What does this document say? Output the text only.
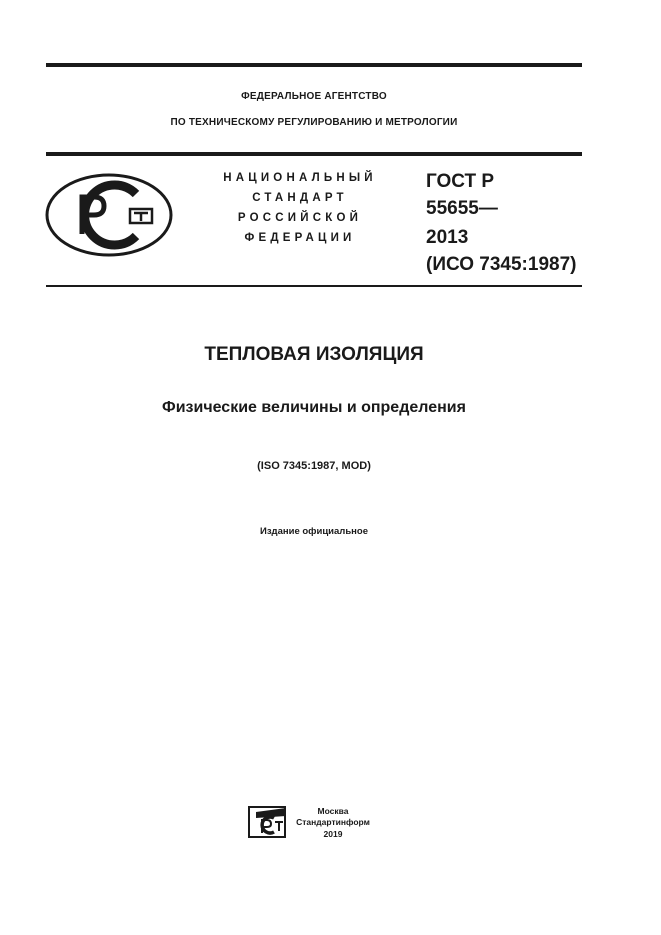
ФЕДЕРАЛЬНОЕ АГЕНТСТВО
ПО ТЕХНИЧЕСКОМУ РЕГУЛИРОВАНИЮ И МЕТРОЛОГИИ
НАЦИОНАЛЬНЫЙ
СТАНДАРТ
РОССИЙСКОЙ
ФЕДЕРАЦИИ
ГОСТ Р
55655—
2013
(ИСО 7345:1987)
ТЕПЛОВАЯ ИЗОЛЯЦИЯ
Физические величины и определения
(ISO 7345:1987, MOD)
Издание официальное
Москва
Стандартинформ
2019
